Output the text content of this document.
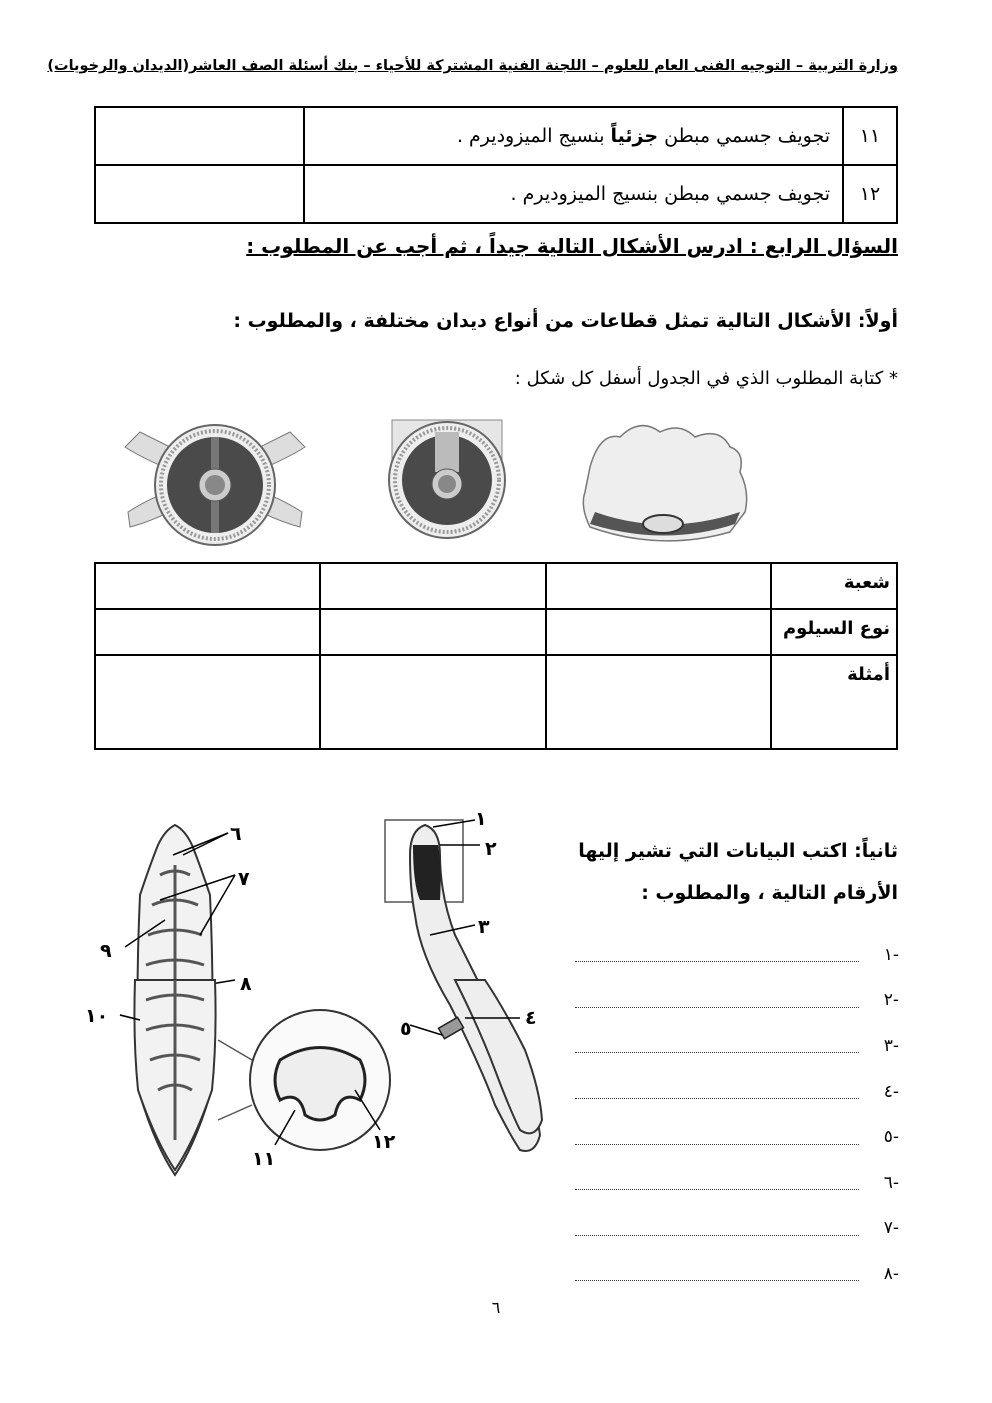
وزارة التربية – التوجيه الفنى العام للعلوم – اللجنة الفنية المشتركة للأحياء – بنك أسئلة الصف العاشر(الديدان والرخويات)
١١	تجويف جسمي مبطن جزئياً بنسيج الميزوديرم .	
١٢	تجويف جسمي مبطن بنسيج الميزوديرم .	
السؤال الرابع : ادرس الأشكال التالية جيداً ، ثم أجب عن المطلوب :
أولاً: الأشكال التالية تمثل قطاعات من أنواع ديدان مختلفة ، والمطلوب :
* كتابة المطلوب الذي في الجدول أسفل كل شكل :
شعبة			
نوع السيلوم			
أمثلة			
ثانياً: اكتب البيانات التي تشير إليها
الأرقام التالية ، والمطلوب :
١-
٢-
٣-
٤-
٥-
٦-
٧-
٨-
٦
٧
٩
٨
١
٢
٣
١٠	٤
٥
١١
١٢
٦
